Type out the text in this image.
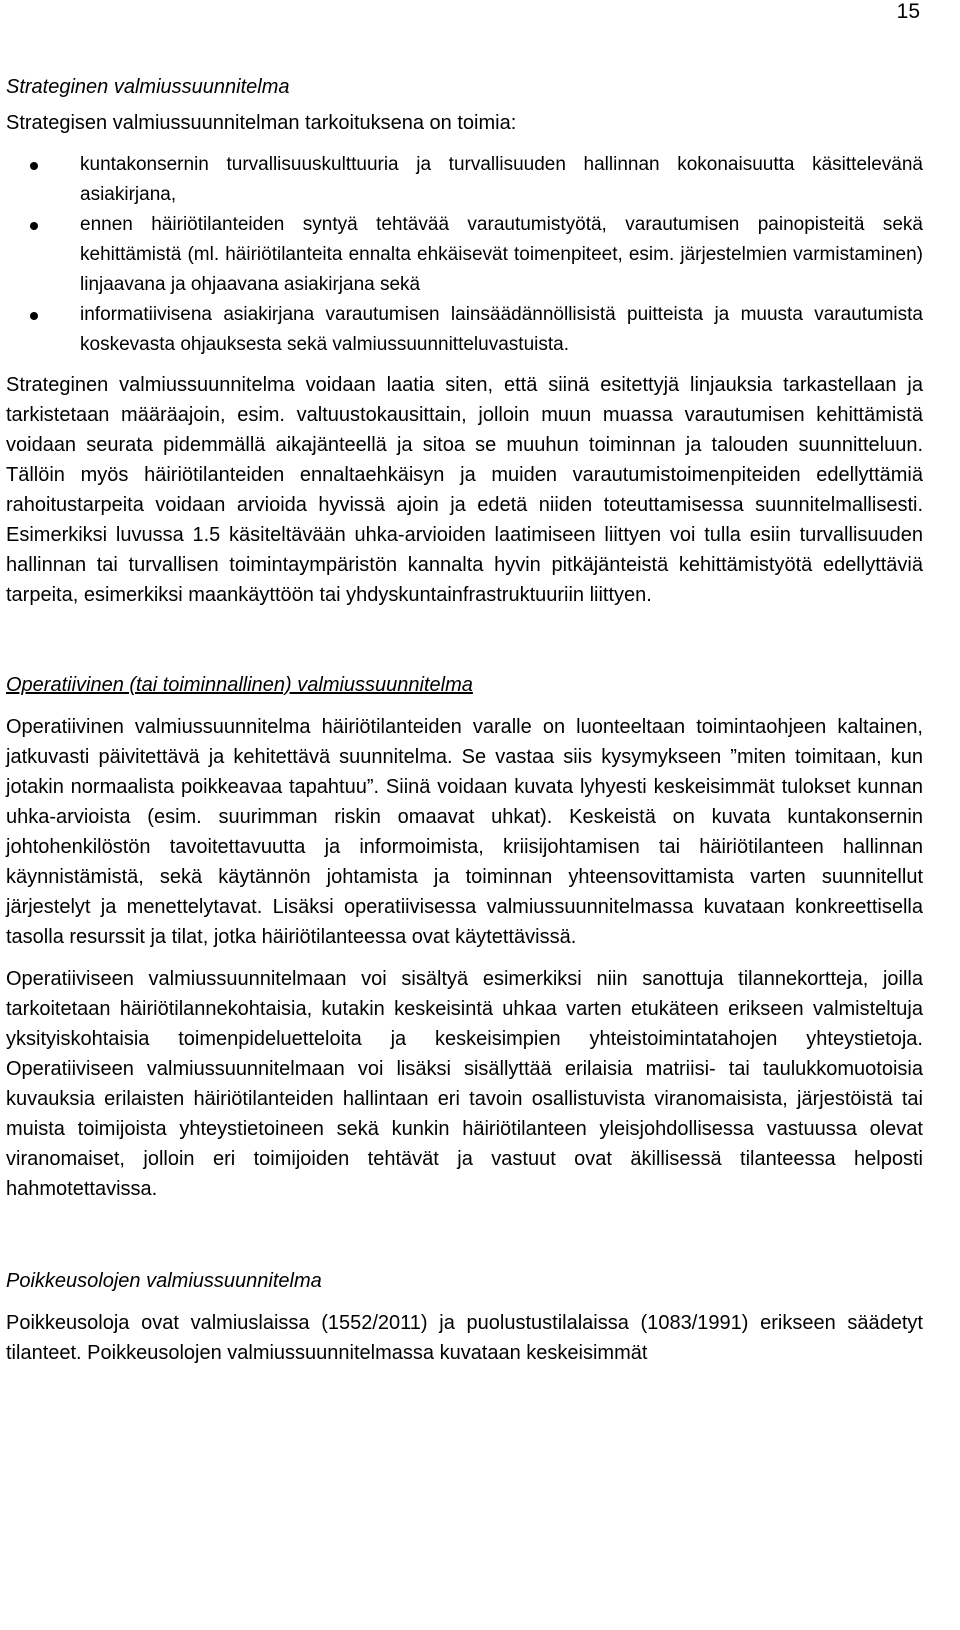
15

Strateginen valmiussuunnitelma

Strategisen valmiussuunnitelman tarkoituksena on toimia:

kuntakonsernin turvallisuuskulttuuria ja turvallisuuden hallinnan kokonaisuutta käsittelevänä asiakirjana,
ennen häiriötilanteiden syntyä tehtävää varautumistyötä, varautumisen painopisteitä sekä kehittämistä (ml. häiriötilanteita ennalta ehkäisevät toimenpiteet, esim. järjestelmien varmistaminen) linjaavana ja ohjaavana asiakirjana sekä
informatiivisena asiakirjana varautumisen lainsäädännöllisistä puitteista ja muusta varautumista koskevasta ohjauksesta sekä valmiussuunnitteluvastuista.

Strateginen valmiussuunnitelma voidaan laatia siten, että siinä esitettyjä linjauksia tarkastellaan ja tarkistetaan määräajoin, esim. valtuustokausittain, jolloin muun muassa varautumisen kehittämistä voidaan seurata pidemmällä aikajänteellä ja sitoa se muuhun toiminnan ja talouden suunnitteluun. Tällöin myös häiriötilanteiden ennaltaehkäisyn ja muiden varautumistoimenpiteiden edellyttämiä rahoitustarpeita voidaan arvioida hyvissä ajoin ja edetä niiden toteuttamisessa suunnitelmallisesti. Esimerkiksi luvussa 1.5 käsiteltävään uhka-arvioiden laatimiseen liittyen voi tulla esiin turvallisuuden hallinnan tai turvallisen toimintaympäristön kannalta hyvin pitkäjänteistä kehittämistyötä edellyttäviä tarpeita, esimerkiksi maankäyttöön tai yhdyskuntainfrastruktuuriin liittyen.

Operatiivinen (tai toiminnallinen) valmiussuunnitelma

Operatiivinen valmiussuunnitelma häiriötilanteiden varalle on luonteeltaan toimintaohjeen kaltainen, jatkuvasti päivitettävä ja kehitettävä suunnitelma. Se vastaa siis kysymykseen ”miten toimitaan, kun jotakin normaalista poikkeavaa tapahtuu”. Siinä voidaan kuvata lyhyesti keskeisimmät tulokset kunnan uhka-arvioista (esim. suurimman riskin omaavat uhkat). Keskeistä on kuvata kuntakonsernin johtohenkilöstön tavoitettavuutta ja informoimista, kriisijohtamisen tai häiriötilanteen hallinnan käynnistämistä, sekä käytännön johtamista ja toiminnan yhteensovittamista varten suunnitellut järjestelyt ja menettelytavat. Lisäksi operatiivisessa valmiussuunnitelmassa kuvataan konkreettisella tasolla resurssit ja tilat, jotka häiriötilanteessa ovat käytettävissä.

Operatiiviseen valmiussuunnitelmaan voi sisältyä esimerkiksi niin sanottuja tilannekortteja, joilla tarkoitetaan häiriötilannekohtaisia, kutakin keskeisintä uhkaa varten etukäteen erikseen valmisteltuja yksityiskohtaisia toimenpideluetteloita ja keskeisimpien yhteistoimintatahojen yhteystietoja. Operatiiviseen valmiussuunnitelmaan voi lisäksi sisällyttää erilaisia matriisi- tai taulukkomuotoisia kuvauksia erilaisten häiriötilanteiden hallintaan eri tavoin osallistuvista viranomaisista, järjestöistä tai muista toimijoista yhteystietoineen sekä kunkin häiriötilanteen yleisjohdollisessa vastuussa olevat viranomaiset, jolloin eri toimijoiden tehtävät ja vastuut ovat äkillisessä tilanteessa helposti hahmotettavissa.

Poikkeusolojen valmiussuunnitelma

Poikkeusoloja ovat valmiuslaissa (1552/2011) ja puolustustilalaissa (1083/1991) erikseen säädetyt tilanteet. Poikkeusolojen valmiussuunnitelmassa kuvataan keskeisimmät
